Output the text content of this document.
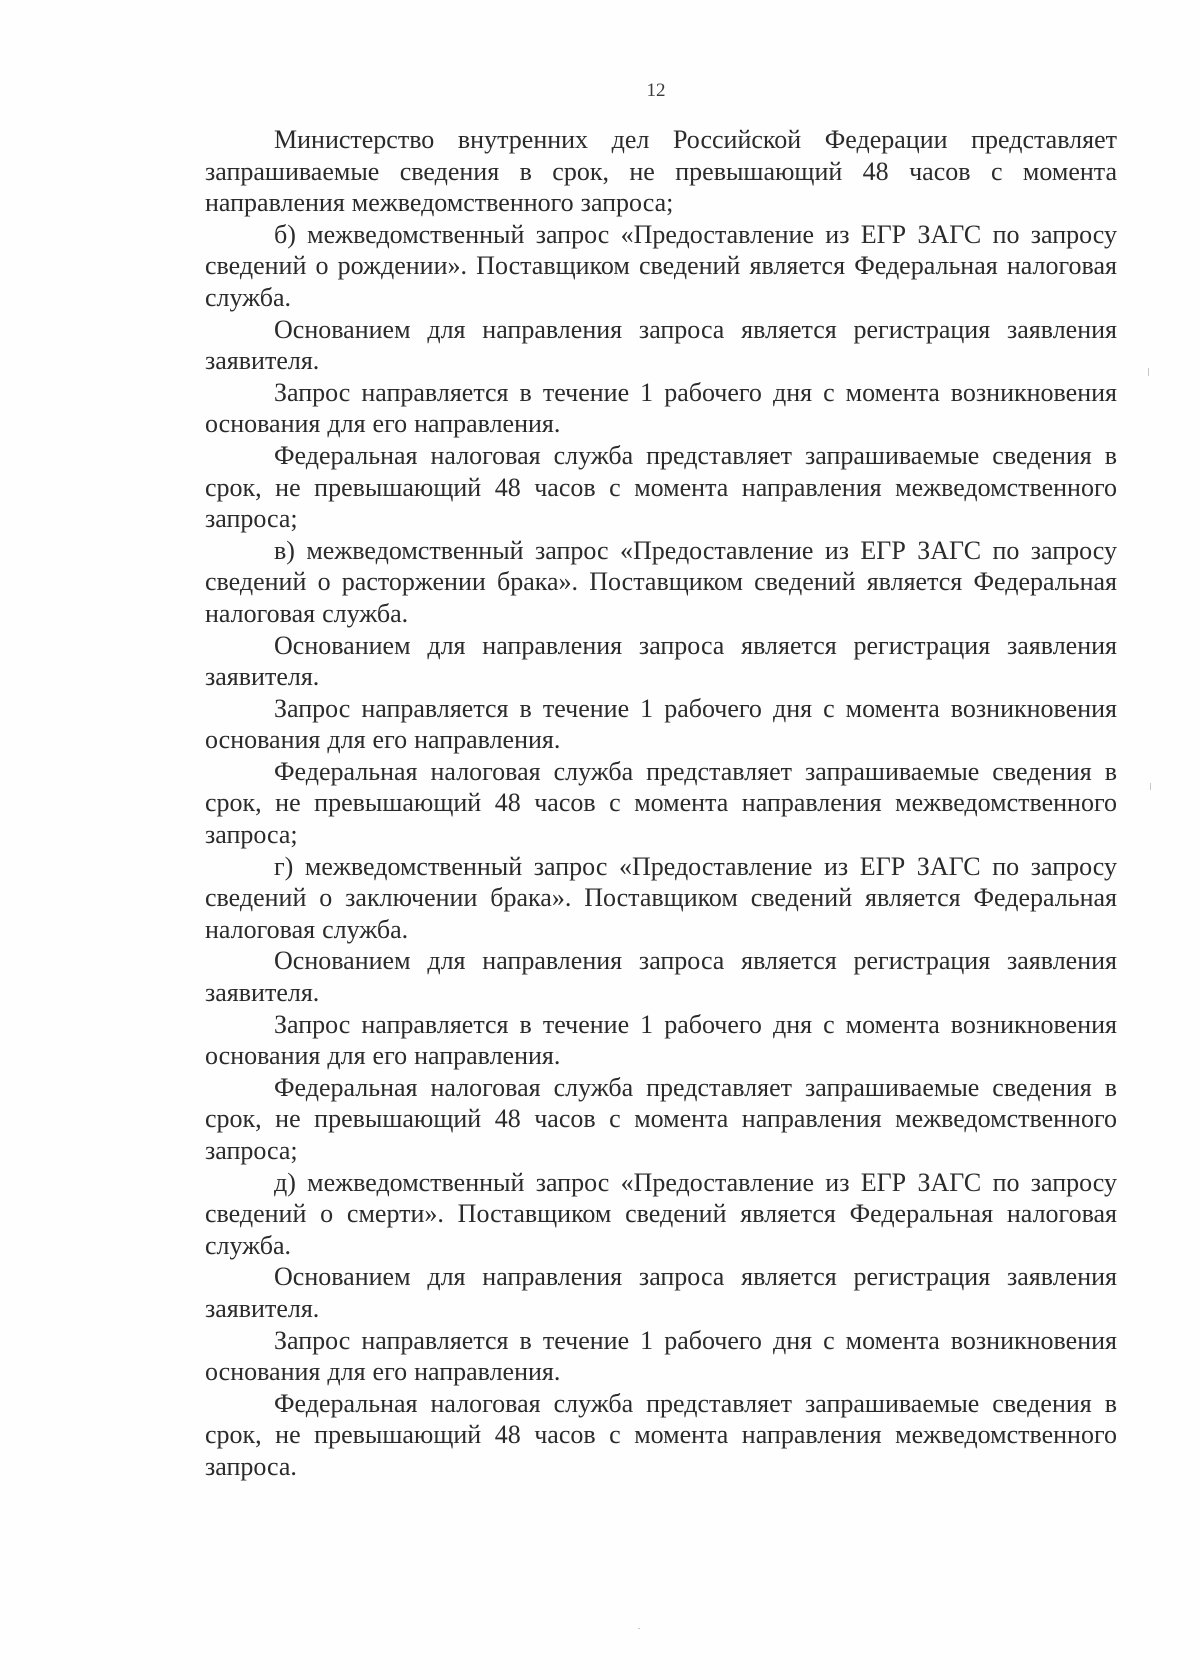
12

Министерство внутренних дел Российской Федерации представляет запрашиваемые сведения в срок, не превышающий 48 часов с момента направления межведомственного запроса;

б) межведомственный запрос «Предоставление из ЕГР ЗАГС по запросу сведений о рождении». Поставщиком сведений является Федеральная налоговая служба.

Основанием для направления запроса является регистрация заявления заявителя.

Запрос направляется в течение 1 рабочего дня с момента возникновения основания для его направления.

Федеральная налоговая служба представляет запрашиваемые сведения в срок, не превышающий 48 часов с момента направления межведомственного запроса;

в) межведомственный запрос «Предоставление из ЕГР ЗАГС по запросу сведений о расторжении брака». Поставщиком сведений является Федеральная налоговая служба.

Основанием для направления запроса является регистрация заявления заявителя.

Запрос направляется в течение 1 рабочего дня с момента возникновения основания для его направления.

Федеральная налоговая служба представляет запрашиваемые сведения в срок, не превышающий 48 часов с момента направления межведомственного запроса;

г) межведомственный запрос «Предоставление из ЕГР ЗАГС по запросу сведений о заключении брака». Поставщиком сведений является Федеральная налоговая служба.

Основанием для направления запроса является регистрация заявления заявителя.

Запрос направляется в течение 1 рабочего дня с момента возникновения основания для его направления.

Федеральная налоговая служба представляет запрашиваемые сведения в срок, не превышающий 48 часов с момента направления межведомственного запроса;

д) межведомственный запрос «Предоставление из ЕГР ЗАГС по запросу сведений о смерти». Поставщиком сведений является Федеральная налоговая служба.

Основанием для направления запроса является регистрация заявления заявителя.

Запрос направляется в течение 1 рабочего дня с момента возникновения основания для его направления.

Федеральная налоговая служба представляет запрашиваемые сведения в срок, не превышающий 48 часов с момента направления межведомственного запроса.
